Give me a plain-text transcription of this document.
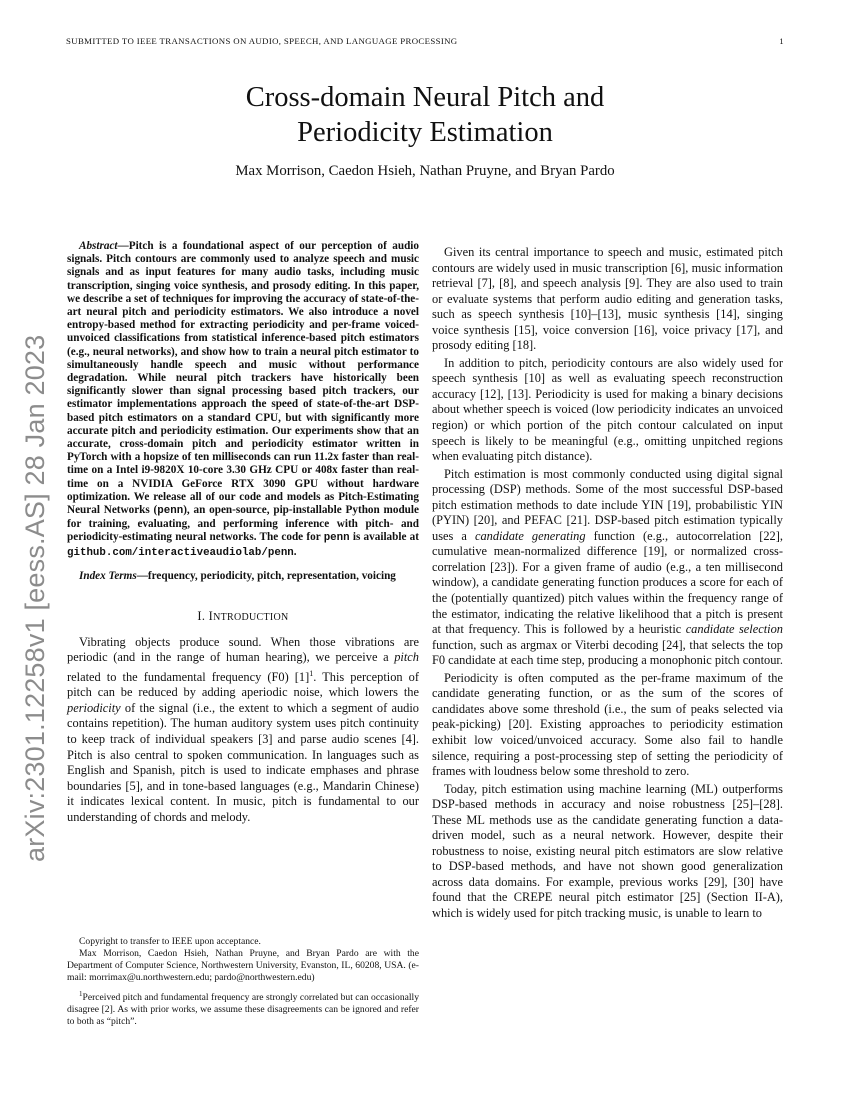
SUBMITTED TO IEEE TRANSACTIONS ON AUDIO, SPEECH, AND LANGUAGE PROCESSING	1
arXiv:2301.12258v1 [eess.AS] 28 Jan 2023
Cross-domain Neural Pitch and
Periodicity Estimation
Max Morrison, Caedon Hsieh, Nathan Pruyne, and Bryan Pardo

Abstract—Pitch is a foundational aspect of our perception of audio signals. Pitch contours are commonly used to analyze speech and music signals and as input features for many audio tasks, including music transcription, singing voice synthesis, and prosody editing. In this paper, we describe a set of techniques for improving the accuracy of state-of-the-art neural pitch and periodicity estimators. We also introduce a novel entropy-based method for extracting periodicity and per-frame voiced-unvoiced classifications from statistical inference-based pitch estimators (e.g., neural networks), and show how to train a neural pitch estimator to simultaneously handle speech and music without performance degradation. While neural pitch trackers have historically been significantly slower than signal processing based pitch trackers, our estimator implementations approach the speed of state-of-the-art DSP-based pitch estimators on a standard CPU, but with significantly more accurate pitch and periodicity estimation. Our experiments show that an accurate, cross-domain pitch and periodicity estimator written in PyTorch with a hopsize of ten milliseconds can run 11.2x faster than real-time on a Intel i9-9820X 10-core 3.30 GHz CPU or 408x faster than real-time on a NVIDIA GeForce RTX 3090 GPU without hardware optimization. We release all of our code and models as Pitch-Estimating Neural Networks (penn), an open-source, pip-installable Python module for training, evaluating, and performing inference with pitch- and periodicity-estimating neural networks. The code for penn is available at github.com/interactiveaudiolab/penn.

Index Terms—frequency, periodicity, pitch, representation, voicing

I. INTRODUCTION

Vibrating objects produce sound. When those vibrations are periodic (and in the range of human hearing), we perceive a pitch related to the fundamental frequency (F0) $[1]^1$. This perception of pitch can be reduced by adding aperiodic noise, which lowers the periodicity of the signal (i.e., the extent to which a segment of audio contains repetition). The human auditory system uses pitch continuity to keep track of individual speakers [3] and parse audio scenes [4]. Pitch is also central to spoken communication. In languages such as English and Spanish, pitch is used to indicate emphases and phrase boundaries [5], and in tone-based languages (e.g., Mandarin Chinese) it indicates lexical content. In music, pitch is fundamental to our understanding of chords and melody.

Copyright to transfer to IEEE upon acceptance.

Max Morrison, Caedon Hsieh, Nathan Pruyne, and Bryan Pardo are with the Department of Computer Science, Northwestern University, Evanston, IL, 60208, USA. (e-mail: morrimax@u.northwestern.edu; pardo@northwestern.edu)

$^1$Perceived pitch and fundamental frequency are strongly correlated but can occasionally disagree [2]. As with prior works, we assume these disagreements can be ignored and refer to both as “pitch”.

Given its central importance to speech and music, estimated pitch contours are widely used in music transcription [6], music information retrieval [7], [8], and speech analysis [9]. They are also used to train or evaluate systems that perform audio editing and generation tasks, such as speech synthesis [10]–[13], music synthesis [14], singing voice synthesis [15], voice conversion [16], voice privacy [17], and prosody editing [18].

In addition to pitch, periodicity contours are also widely used for speech synthesis [10] as well as evaluating speech reconstruction accuracy [12], [13]. Periodicity is used for making a binary decisions about whether speech is voiced (low periodicity indicates an unvoiced region) or which portion of the pitch contour calculated on input speech is likely to be meaningful (e.g., omitting unpitched regions when evaluating pitch distance).

Pitch estimation is most commonly conducted using digital signal processing (DSP) methods. Some of the most successful DSP-based pitch estimation methods to date include YIN [19], probabilistic YIN (PYIN) [20], and PEFAC [21]. DSP-based pitch estimation typically uses a candidate generating function (e.g., autocorrelation [22], cumulative mean-normalized difference [19], or normalized cross-correlation [23]). For a given frame of audio (e.g., a ten millisecond window), a candidate generating function produces a score for each of the (potentially quantized) pitch values within the frequency range of the estimator, indicating the relative likelihood that a pitch is present at that frequency. This is followed by a heuristic candidate selection function, such as argmax or Viterbi decoding [24], that selects the top F0 candidate at each time step, producing a monophonic pitch contour.

Periodicity is often computed as the per-frame maximum of the candidate generating function, or as the sum of the scores of candidates above some threshold (i.e., the sum of peaks selected via peak-picking) [20]. Existing approaches to periodicity estimation exhibit low voiced/unvoiced accuracy. Some also fail to handle silence, requiring a post-processing step of setting the periodicity of frames with loudness below some threshold to zero.

Today, pitch estimation using machine learning (ML) outperforms DSP-based methods in accuracy and noise robustness [25]–[28]. These ML methods use as the candidate generating function a data-driven model, such as a neural network. However, despite their robustness to noise, existing neural pitch estimators are slow relative to DSP-based methods, and have not shown good generalization across data domains. For example, previous works [29], [30] have found that the CREPE neural pitch estimator [25] (Section II-A), which is widely used for pitch tracking music, is unable to learn to
